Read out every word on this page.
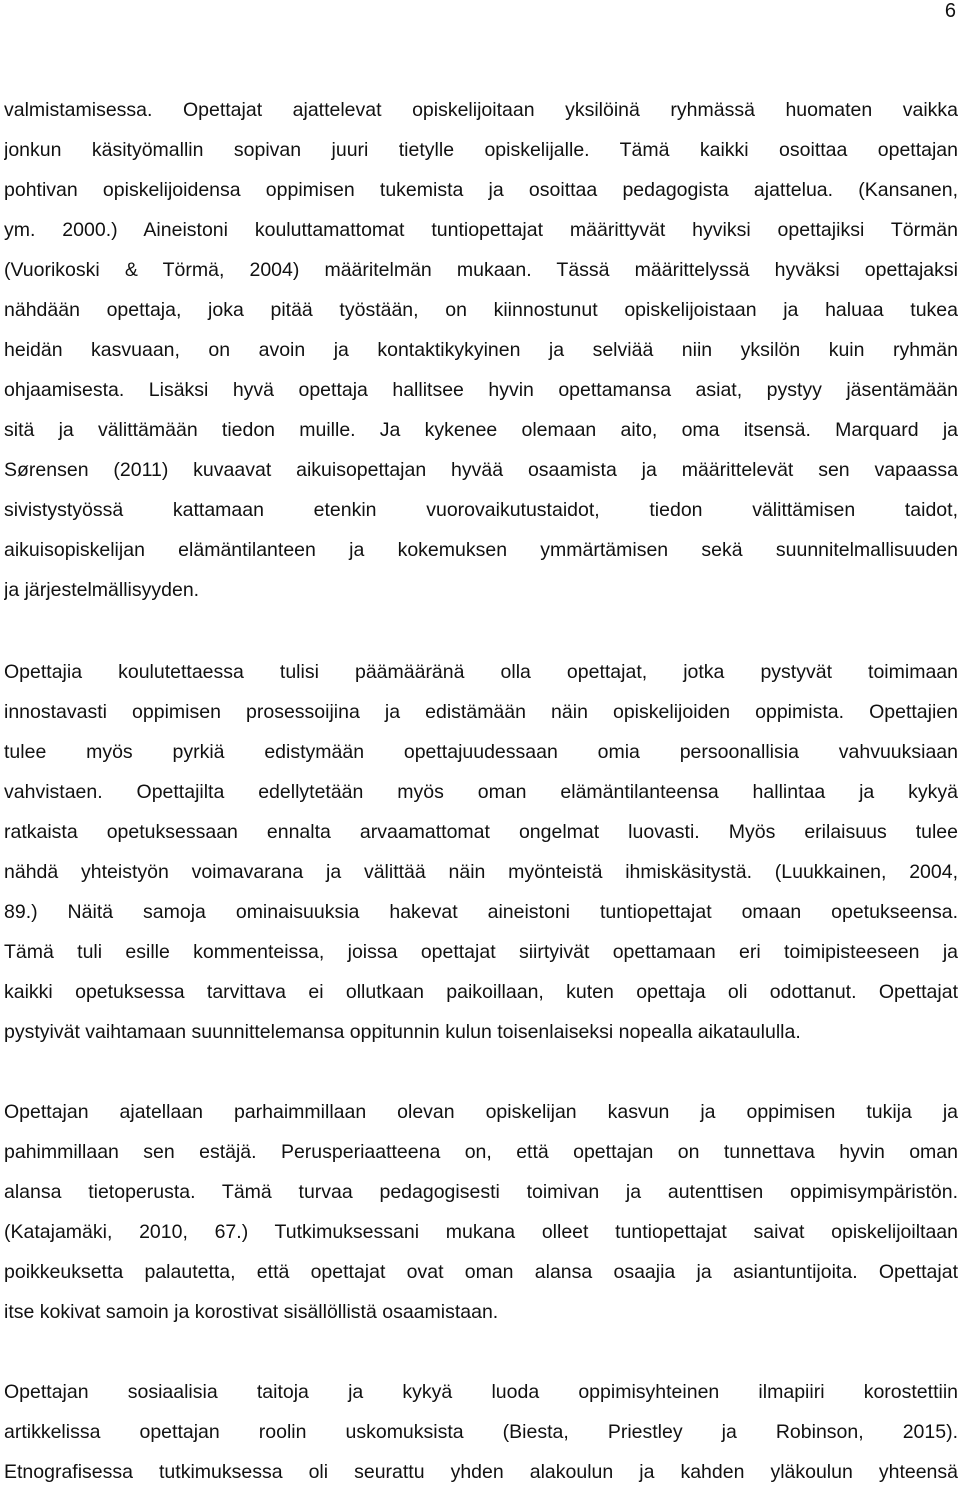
6
valmistamisessa. Opettajat ajattelevat opiskelijoitaan yksilöinä ryhmässä huomaten vaikka
jonkun käsityömallin sopivan juuri tietylle opiskelijalle. Tämä kaikki osoittaa opettajan
pohtivan opiskelijoidensa oppimisen tukemista ja osoittaa pedagogista ajattelua. (Kansanen,
ym. 2000.) Aineistoni kouluttamattomat tuntiopettajat määrittyvät hyviksi opettajiksi Törmän
(Vuorikoski & Törmä, 2004) määritelmän mukaan. Tässä määrittelyssä hyväksi opettajaksi
nähdään opettaja, joka pitää työstään, on kiinnostunut opiskelijoistaan ja haluaa tukea
heidän kasvuaan, on avoin ja kontaktikykyinen ja selviää niin yksilön kuin ryhmän
ohjaamisesta. Lisäksi hyvä opettaja hallitsee hyvin opettamansa asiat, pystyy jäsentämään
sitä ja välittämään tiedon muille. Ja kykenee olemaan aito, oma itsensä. Marquard ja
Sørensen (2011) kuvaavat aikuisopettajan hyvää osaamista ja määrittelevät sen vapaassa
sivistystyössä kattamaan etenkin vuorovaikutustaidot, tiedon välittämisen taidot,
aikuisopiskelijan elämäntilanteen ja kokemuksen ymmärtämisen sekä suunnitelmallisuuden
ja järjestelmällisyyden.
Opettajia koulutettaessa tulisi päämääränä olla opettajat, jotka pystyvät toimimaan
innostavasti oppimisen prosessoijina ja edistämään näin opiskelijoiden oppimista. Opettajien
tulee myös pyrkiä edistymään opettajuudessaan omia persoonallisia vahvuuksiaan
vahvistaen. Opettajilta edellytetään myös oman elämäntilanteensa hallintaa ja kykyä
ratkaista opetuksessaan ennalta arvaamattomat ongelmat luovasti. Myös erilaisuus tulee
nähdä yhteistyön voimavarana ja välittää näin myönteistä ihmiskäsitystä. (Luukkainen, 2004,
89.) Näitä samoja ominaisuuksia hakevat aineistoni tuntiopettajat omaan opetukseensa.
Tämä tuli esille kommenteissa, joissa opettajat siirtyivät opettamaan eri toimipisteeseen ja
kaikki opetuksessa tarvittava ei ollutkaan paikoillaan, kuten opettaja oli odottanut. Opettajat
pystyivät vaihtamaan suunnittelemansa oppitunnin kulun toisenlaiseksi nopealla aikataululla.
Opettajan ajatellaan parhaimmillaan olevan opiskelijan kasvun ja oppimisen tukija ja
pahimmillaan sen estäjä. Perusperiaatteena on, että opettajan on tunnettava hyvin oman
alansa tietoperusta. Tämä turvaa pedagogisesti toimivan ja autenttisen oppimisympäristön.
(Katajamäki, 2010, 67.) Tutkimuksessani mukana olleet tuntiopettajat saivat opiskelijoiltaan
poikkeuksetta palautetta, että opettajat ovat oman alansa osaajia ja asiantuntijoita. Opettajat
itse kokivat samoin ja korostivat sisällöllistä osaamistaan.
Opettajan sosiaalisia taitoja ja kykyä luoda oppimisyhteinen ilmapiiri korostettiin
artikkelissa opettajan roolin uskomuksista (Biesta, Priestley ja Robinson, 2015).
Etnografisessa tutkimuksessa oli seurattu yhden alakoulun ja kahden yläkoulun yhteensä
